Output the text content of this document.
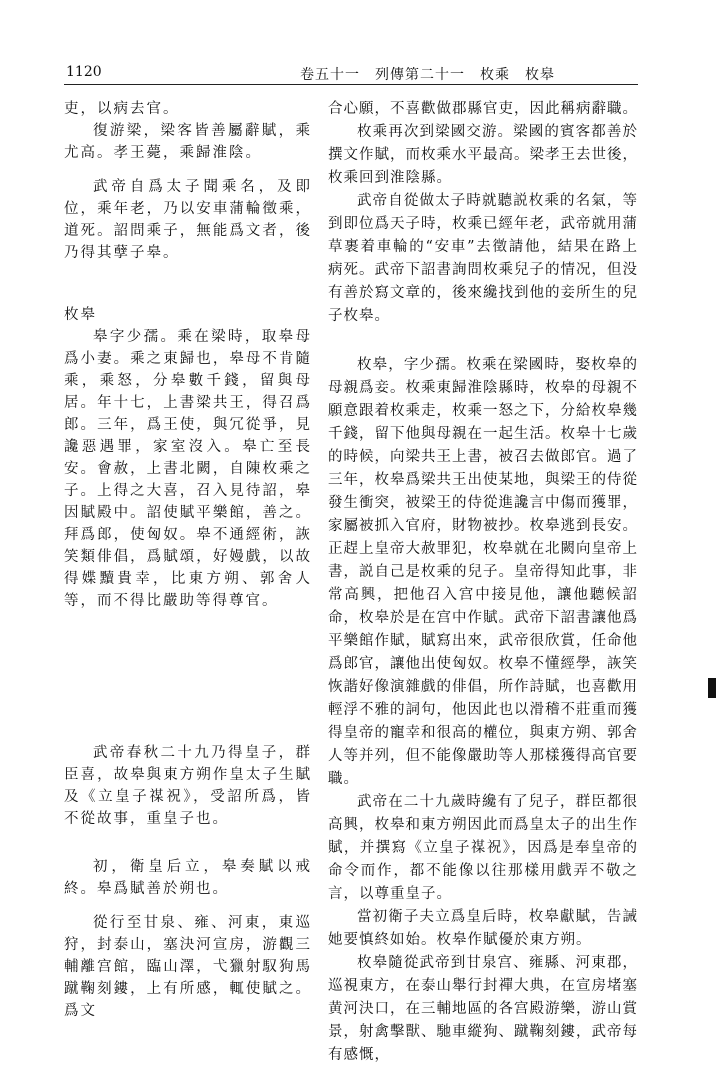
1120	卷五十一　列傳第二十一　枚乘　枚皋

吏，以病去官。

復游梁，梁客皆善屬辭賦，乘尤高。孝王薨，乘歸淮陰。

武帝自爲太子聞乘名，及即位，乘年老，乃以安車蒲輪徵乘，道死。詔問乘子，無能爲文者，後乃得其孽子皋。

枚皋

皋字少孺。乘在梁時，取皋母爲小妻。乘之東歸也，皋母不肯隨乘，乘怒，分皋數千錢，留與母居。年十七，上書梁共王，得召爲郎。三年，爲王使，與冗從爭，見讒惡遇罪，家室沒入。皋亡至長安。會赦，上書北闕，自陳枚乘之子。上得之大喜，召入見待詔，皋因賦殿中。詔使賦平樂館，善之。拜爲郎，使匈奴。皋不通經術，詼笑類俳倡，爲賦頌，好嫚戲，以故得媟黷貴幸，比東方朔、郭舍人等，而不得比嚴助等得尊官。

武帝春秋二十九乃得皇子，群臣喜，故皋與東方朔作皇太子生賦及《立皇子禖祝》，受詔所爲，皆不從故事，重皇子也。

初，衛皇后立，皋奏賦以戒終。皋爲賦善於朔也。

從行至甘泉、雍、河東，東巡狩，封泰山，塞決河宣房，游觀三輔離宫館，臨山澤，弋獵射馭狗馬蹴鞠刻鏤，上有所感，輒使賦之。爲文

合心願，不喜歡做郡縣官吏，因此稱病辭職。

枚乘再次到梁國交游。梁國的賓客都善於撰文作賦，而枚乘水平最高。梁孝王去世後，枚乘回到淮陰縣。

武帝自從做太子時就聽説枚乘的名氣，等到即位爲天子時，枚乘已經年老，武帝就用蒲草裹着車輪的“安車”去徵請他，結果在路上病死。武帝下詔書詢問枚乘兒子的情况，但没有善於寫文章的，後來纔找到他的妾所生的兒子枚皋。

枚皋，字少孺。枚乘在梁國時，娶枚皋的母親爲妾。枚乘東歸淮陰縣時，枚皋的母親不願意跟着枚乘走，枚乘一怒之下，分給枚皋幾千錢，留下他與母親在一起生活。枚皋十七歲的時候，向梁共王上書，被召去做郎官。過了三年，枚皋爲梁共王出使某地，與梁王的侍從發生衝突，被梁王的侍從進讒言中傷而獲罪，家屬被抓入官府，財物被抄。枚皋逃到長安。正趕上皇帝大赦罪犯，枚皋就在北闕向皇帝上書，説自己是枚乘的兒子。皇帝得知此事，非常高興，把他召入宫中接見他，讓他聽候詔命，枚皋於是在宫中作賦。武帝下詔書讓他爲平樂館作賦，賦寫出來，武帝很欣賞，任命他爲郎官，讓他出使匈奴。枚皋不懂經學，詼笑恢諧好像演雜戲的俳倡，所作詩賦，也喜歡用輕浮不雅的詞句，他因此也以滑稽不莊重而獲得皇帝的寵幸和很高的權位，與東方朔、郭舍人等并列，但不能像嚴助等人那樣獲得高官要職。

武帝在二十九歲時纔有了兒子，群臣都很高興，枚皋和東方朔因此而爲皇太子的出生作賦，并撰寫《立皇子禖祝》，因爲是奉皇帝的命令而作，都不能像以往那樣用戲弄不敬之言，以尊重皇子。

當初衛子夫立爲皇后時，枚皋獻賦，告誡她要慎終如始。枚皋作賦優於東方朔。

枚皋隨從武帝到甘泉宫、雍縣、河東郡，巡視東方，在泰山舉行封禪大典，在宣房堵塞黄河決口，在三輔地區的各宫殿游樂，游山賞景，射禽擊獸、馳車縱狗、蹴鞠刻鏤，武帝每有感慨，
